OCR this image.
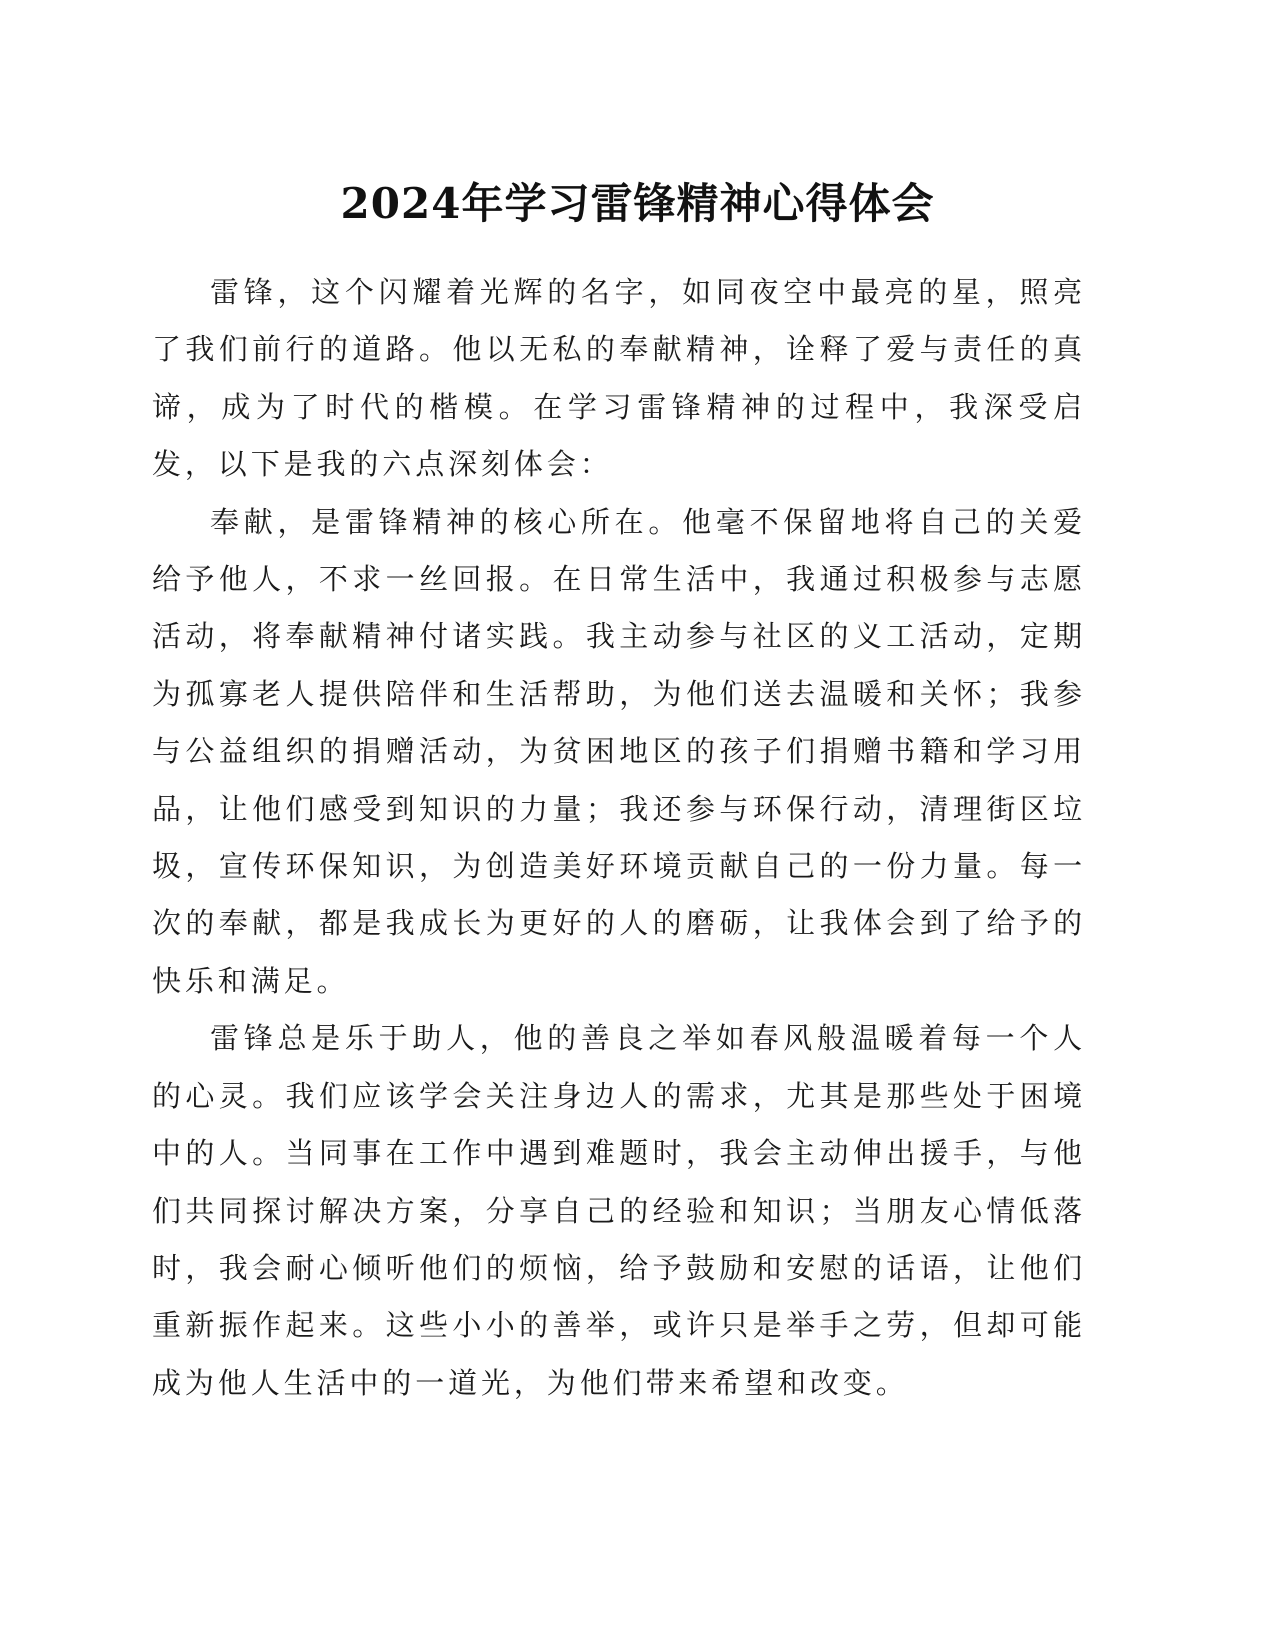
2024年学习雷锋精神心得体会

雷锋，这个闪耀着光辉的名字，如同夜空中最亮的星，照亮了我们前行的道路。他以无私的奉献精神，诠释了爱与责任的真谛，成为了时代的楷模。在学习雷锋精神的过程中，我深受启发，以下是我的六点深刻体会：

奉献，是雷锋精神的核心所在。他毫不保留地将自己的关爱给予他人，不求一丝回报。在日常生活中，我通过积极参与志愿活动，将奉献精神付诸实践。我主动参与社区的义工活动，定期为孤寡老人提供陪伴和生活帮助，为他们送去温暖和关怀；我参与公益组织的捐赠活动，为贫困地区的孩子们捐赠书籍和学习用品，让他们感受到知识的力量；我还参与环保行动，清理街区垃圾，宣传环保知识，为创造美好环境贡献自己的一份力量。每一次的奉献，都是我成长为更好的人的磨砺，让我体会到了给予的快乐和满足。

雷锋总是乐于助人，他的善良之举如春风般温暖着每一个人的心灵。我们应该学会关注身边人的需求，尤其是那些处于困境中的人。当同事在工作中遇到难题时，我会主动伸出援手，与他们共同探讨解决方案，分享自己的经验和知识；当朋友心情低落时，我会耐心倾听他们的烦恼，给予鼓励和安慰的话语，让他们重新振作起来。这些小小的善举，或许只是举手之劳，但却可能成为他人生活中的一道光，为他们带来希望和改变。
